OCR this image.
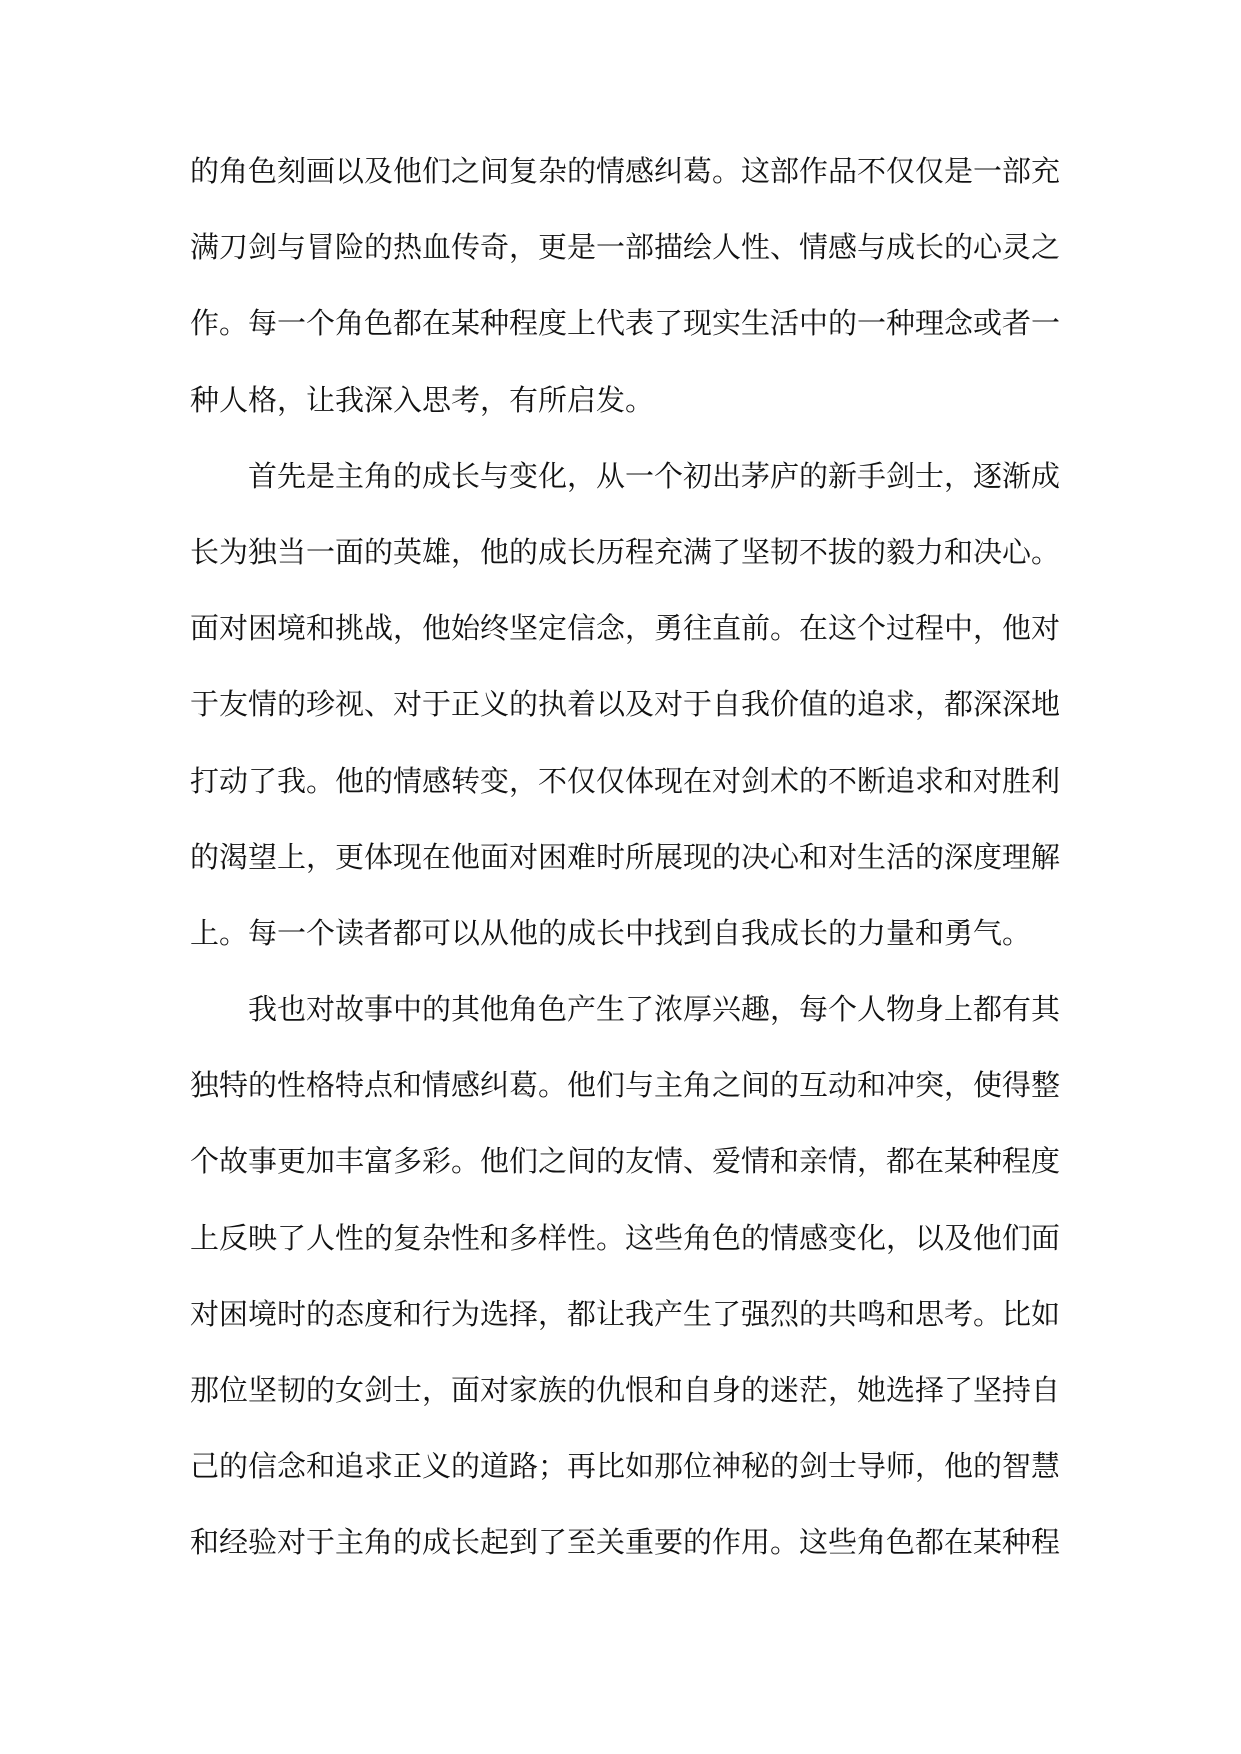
的角色刻画以及他们之间复杂的情感纠葛。这部作品不仅仅是一部充
满刀剑与冒险的热血传奇，更是一部描绘人性、情感与成长的心灵之
作。每一个角色都在某种程度上代表了现实生活中的一种理念或者一
种人格，让我深入思考，有所启发。
首先是主角的成长与变化，从一个初出茅庐的新手剑士，逐渐成
长为独当一面的英雄，他的成长历程充满了坚韧不拔的毅力和决心。
面对困境和挑战，他始终坚定信念，勇往直前。在这个过程中，他对
于友情的珍视、对于正义的执着以及对于自我价值的追求，都深深地
打动了我。他的情感转变，不仅仅体现在对剑术的不断追求和对胜利
的渴望上，更体现在他面对困难时所展现的决心和对生活的深度理解
上。每一个读者都可以从他的成长中找到自我成长的力量和勇气。
我也对故事中的其他角色产生了浓厚兴趣，每个人物身上都有其
独特的性格特点和情感纠葛。他们与主角之间的互动和冲突，使得整
个故事更加丰富多彩。他们之间的友情、爱情和亲情，都在某种程度
上反映了人性的复杂性和多样性。这些角色的情感变化，以及他们面
对困境时的态度和行为选择，都让我产生了强烈的共鸣和思考。比如
那位坚韧的女剑士，面对家族的仇恨和自身的迷茫，她选择了坚持自
己的信念和追求正义的道路；再比如那位神秘的剑士导师，他的智慧
和经验对于主角的成长起到了至关重要的作用。这些角色都在某种程
